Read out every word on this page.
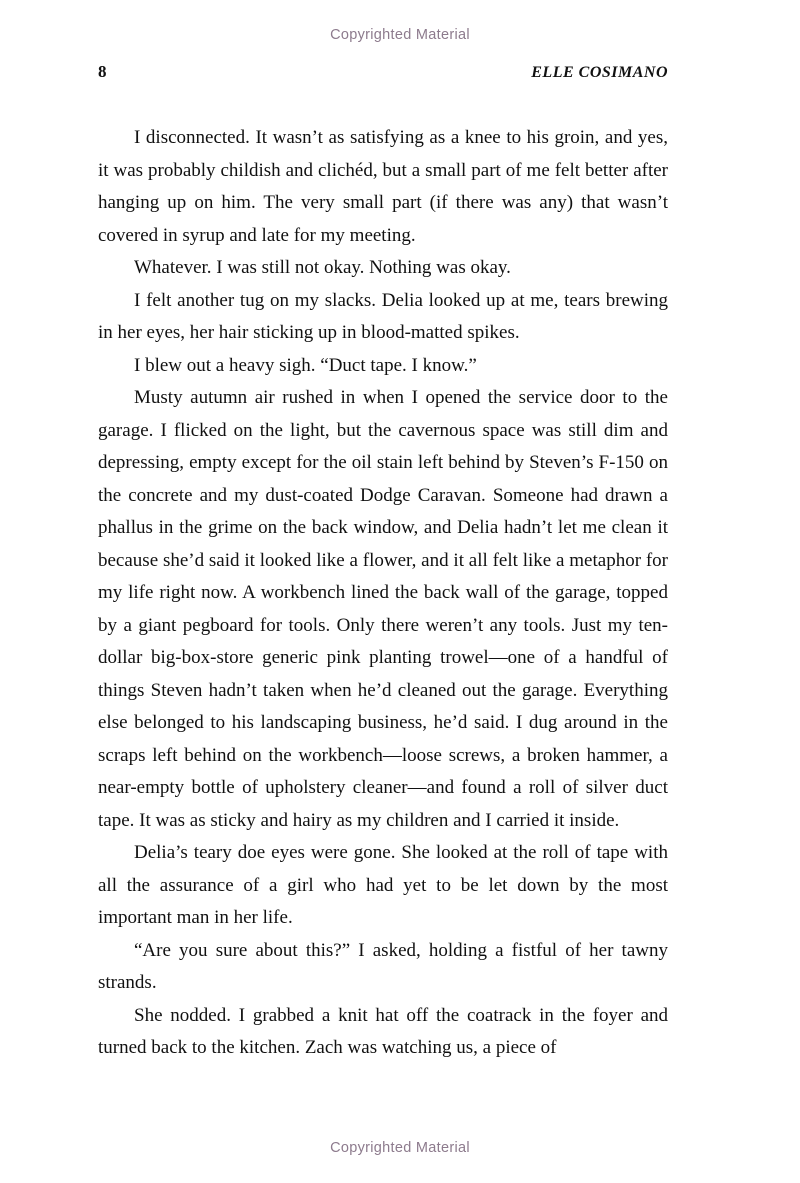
Copyrighted Material
8	ELLE COSIMANO

I disconnected. It wasn’t as satisfying as a knee to his groin, and yes, it was probably childish and clichéd, but a small part of me felt better after hanging up on him. The very small part (if there was any) that wasn’t covered in syrup and late for my meeting.

Whatever. I was still not okay. Nothing was okay.

I felt another tug on my slacks. Delia looked up at me, tears brewing in her eyes, her hair sticking up in blood-matted spikes.

I blew out a heavy sigh. “Duct tape. I know.”

Musty autumn air rushed in when I opened the service door to the garage. I flicked on the light, but the cavernous space was still dim and depressing, empty except for the oil stain left behind by Steven’s F-150 on the concrete and my dust-coated Dodge Caravan. Someone had drawn a phallus in the grime on the back window, and Delia hadn’t let me clean it because she’d said it looked like a flower, and it all felt like a metaphor for my life right now. A workbench lined the back wall of the garage, topped by a giant pegboard for tools. Only there weren’t any tools. Just my ten-dollar big-box-store generic pink planting trowel—one of a handful of things Steven hadn’t taken when he’d cleaned out the garage. Everything else belonged to his landscaping business, he’d said. I dug around in the scraps left behind on the workbench—loose screws, a broken hammer, a near-empty bottle of upholstery cleaner—and found a roll of silver duct tape. It was as sticky and hairy as my children and I carried it inside.

Delia’s teary doe eyes were gone. She looked at the roll of tape with all the assurance of a girl who had yet to be let down by the most important man in her life.

“Are you sure about this?” I asked, holding a fistful of her tawny strands.

She nodded. I grabbed a knit hat off the coatrack in the foyer and turned back to the kitchen. Zach was watching us, a piece of

Copyrighted Material
